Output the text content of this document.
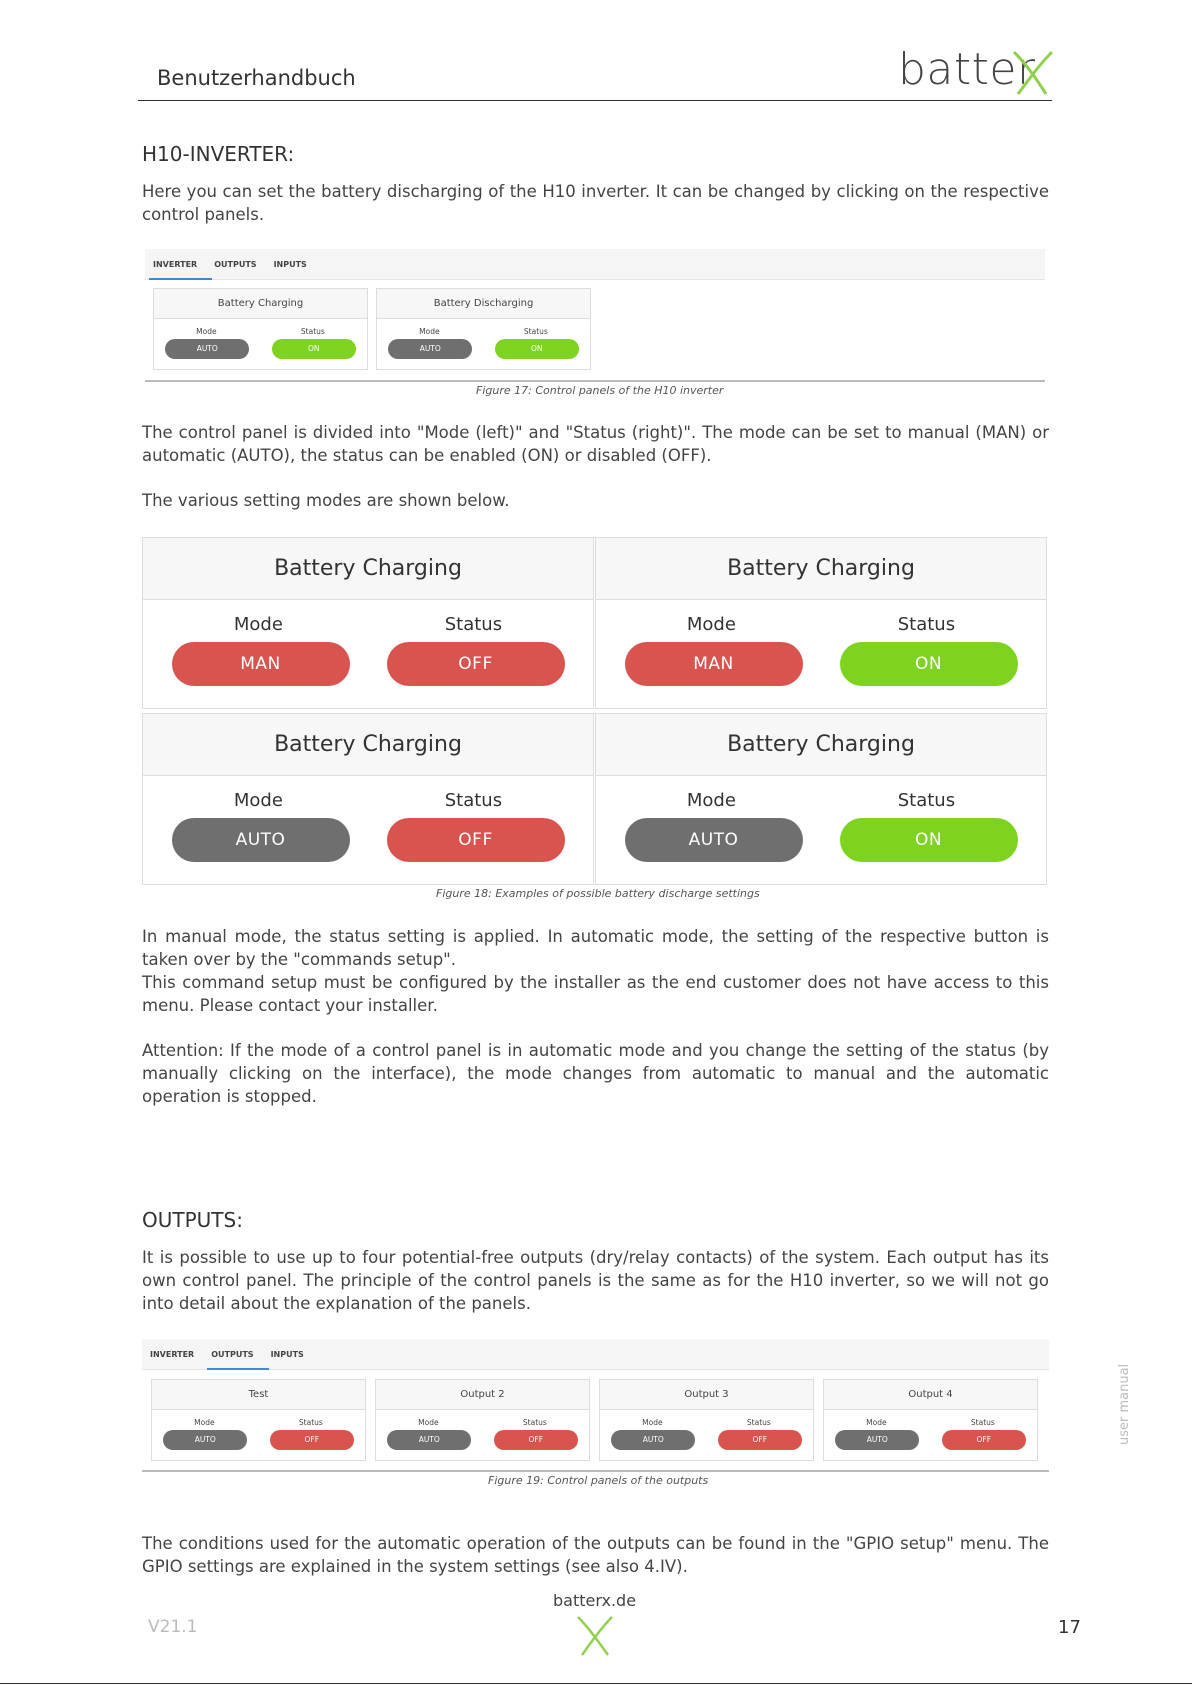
Benutzerhandbuch	batter
H10-INVERTER:
Here you can set the battery discharging of the H10 inverter. It can be changed by clicking on the respective control panels.
INVERTER	OUTPUTS	INPUTS
Battery Charging
Mode	Status
AUTO	ON
Battery Discharging
Mode	Status
AUTO	ON
Figure 17: Control panels of the H10 inverter
The control panel is divided into "Mode (left)" and "Status (right)". The mode can be set to manual (MAN) or automatic (AUTO), the status can be enabled (ON) or disabled (OFF).
The various setting modes are shown below.
Battery Charging
Mode	Status
MAN	OFF
Battery Charging
Mode	Status
MAN	ON
Battery Charging
Mode	Status
AUTO	OFF
Battery Charging
Mode	Status
AUTO	ON
Figure 18: Examples of possible battery discharge settings
In manual mode, the status setting is applied. In automatic mode, the setting of the respective button is taken over by the "commands setup".
This command setup must be configured by the installer as the end customer does not have access to this menu. Please contact your installer.
Attention: If the mode of a control panel is in automatic mode and you change the setting of the status (by manually clicking on the interface), the mode changes from automatic to manual and the automatic operation is stopped.
OUTPUTS:
It is possible to use up to four potential-free outputs (dry/relay contacts) of the system. Each output has its own control panel. The principle of the control panels is the same as for the H10 inverter, so we will not go into detail about the explanation of the panels.
INVERTER	OUTPUTS	INPUTS
Test
Mode	Status
AUTO	OFF
Output 2
Mode	Status
AUTO	OFF
Output 3
Mode	Status
AUTO	OFF
Output 4
Mode	Status
AUTO	OFF
Figure 19: Control panels of the outputs
The conditions used for the automatic operation of the outputs can be found in the "GPIO setup" menu. The GPIO settings are explained in the system settings (see also 4.IV).
user manual
batterx.de
V21.1	17
